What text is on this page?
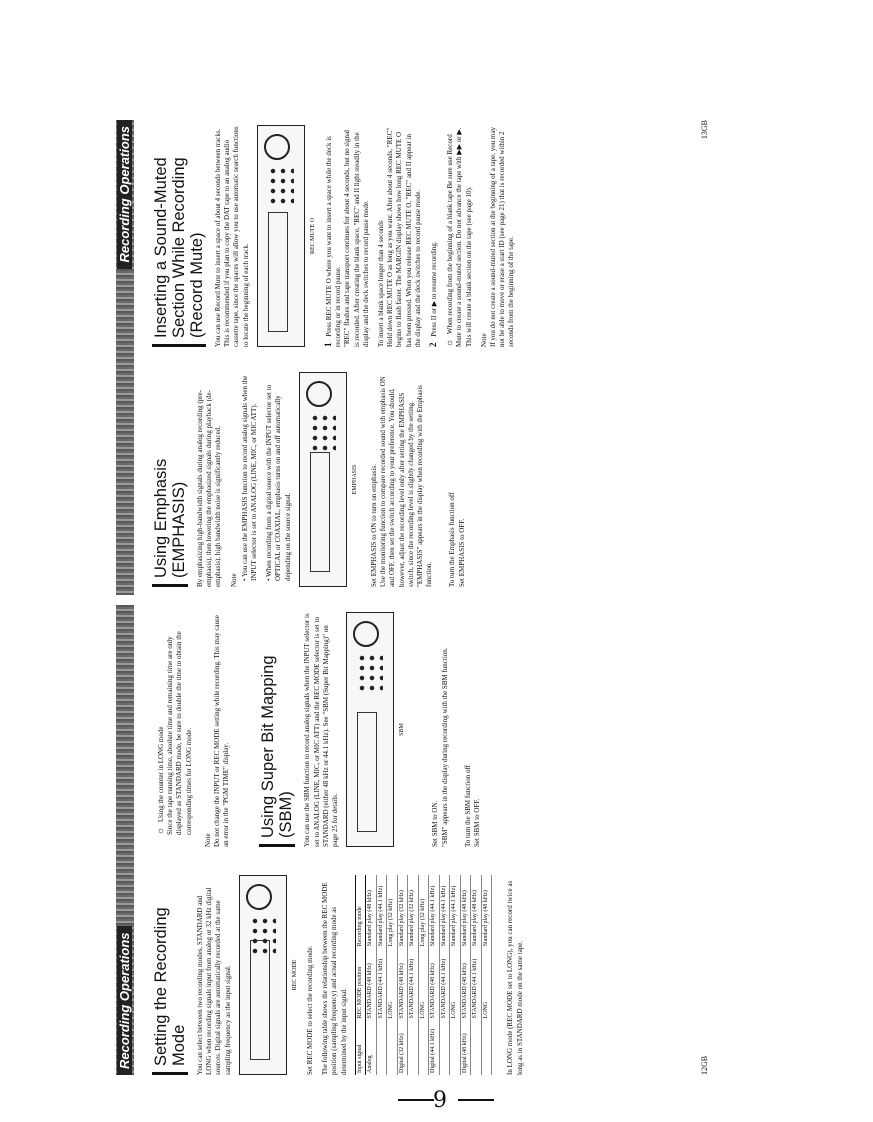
Recording Operations
Recording Operations
Setting the Recording Mode You can select between two recording modes, STANDARD and LONG when recording signals input from analog or 32 kHz digital sources. Digital signals are automatically recorded at the same sampling frequency as the input signal.	REC MODE	Set REC MODE to select the recording mode. The following table shows the relationship between the REC MODE position (sampling frequency) and actual recording mode as determined by the input signal. Input signal	REC MODE position	Recording mode
Analog	STANDARD (48 kHz)	Standard play (48 kHz)
	STANDARD (44.1 kHz)	Standard play (44.1 kHz)
	LONG	Long play (32 kHz)
Digital (32 kHz)	STANDARD (48 kHz)	Standard play (32 kHz)
	STANDARD (44.1 kHz)	Standard play (32 kHz)
	LONG	Long play (32 kHz)
Digital (44.1 kHz)	STANDARD (48 kHz)	Standard play (44.1 kHz)
	STANDARD (44.1 kHz)	Standard play (44.1 kHz)
	LONG	Standard play (44.1 kHz)
Digital (48 kHz)	STANDARD (48 kHz)	Standard play (48 kHz)
	STANDARD (44.1 kHz)	Standard play (48 kHz)
	LONG	Standard play (48 kHz)	In LONG mode (REC MODE set to LONG), you can record twice as long as in STANDARD mode on the same tape.

☼ Using the counter in LONG mode
Since the tape running time, absolute time and remaining time are only displayed as STANDARD mode, be sure to double the time to obtain the corresponding times for LONG mode.

Note
Do not change the INPUT or REC MODE setting while recording. This may cause an error in the "PGM TIME" display. Using Super Bit Mapping (SBM) You can use the SBM function to record analog signals when the INPUT selector is set to ANALOG (LINE, MIC, or MIC ATT) and the REC MODE selector is set to STANDARD (either 48 kHz or 44.1 kHz). See "SBM (Super Bit Mapping)" on page 25 for details.

SBM

Set SBM to ON.
"SBM" appears in the display during recording with the SBM function. To turn the SBM function off
Set SBM to OFF.

Using Emphasis (EMPHASIS) By emphasizing high-bandwidth signals during analog recording (pre-emphasis), then lowering the emphasized signals during playback (de-emphasis), high bandwidth noise is significantly reduced. Note • You can use the EMPHASIS function to record analog signals when the INPUT selector is set to ANALOG (LINE, MIC, or MIC ATT). • When recording from a digital source with the INPUT selector set to OPTICAL or COAXIAL, emphasis turns on and off automatically depending on the source signal.

EMPHASIS	Set EMPHASIS to ON to turn on emphasis.
Use the monitoring function to compare recorded sound with emphasis ON and OFF, then set the switch according to your preference. You should, however, adjust the recording level only after setting the EMPHASIS switch, since the recording level is slightly changed by the setting.
"EMPHASIS" appears in the display when recording with the Emphasis function. To turn the Emphasis function off
Set EMPHASIS to OFF.

Inserting a Sound-Muted Section While Recording (Record Mute) You can use Record Mute to insert a space of about 4 seconds between tracks. This is recommended if you plan to copy the DAT tape to an analog audio cassette tape, since the spaces will allow you to use automatic search functions to locate the beginning of each track.

REC MUTE O

1 Press REC MUTE O where you want to insert a space while the deck is recording or in record pause.
"REC" flashes and tape transport continues for about 4 seconds, but no signal is recorded. After creating the blank space, "REC" and II light steadily in the display and the deck switches to record pause mode. To insert a blank space longer than 4 seconds
Hold down REC MUTE O as long as you want. After about 4 seconds, "REC" begins to flash faster. The MARGIN display shows how long REC MUTE O has been pressed. When you release REC MUTE O, "REC" and II appear in the display and the deck switches to record pause mode. 2 Press II or ▶ to resume recording.

☼ When recording from the beginning of a blank tape Be sure use Record Mute to create a sound-muted section. Do not advance the tape with ▶▶ or ▶. This will create a blank section on the tape (see page 10). Note
If you do not create a sound-muted section at the beginning of a tape, you may not be able to move or erase a start ID (see page 21) that is recorded within 2 seconds from the beginning of the tape.

12GB
13GB
9
